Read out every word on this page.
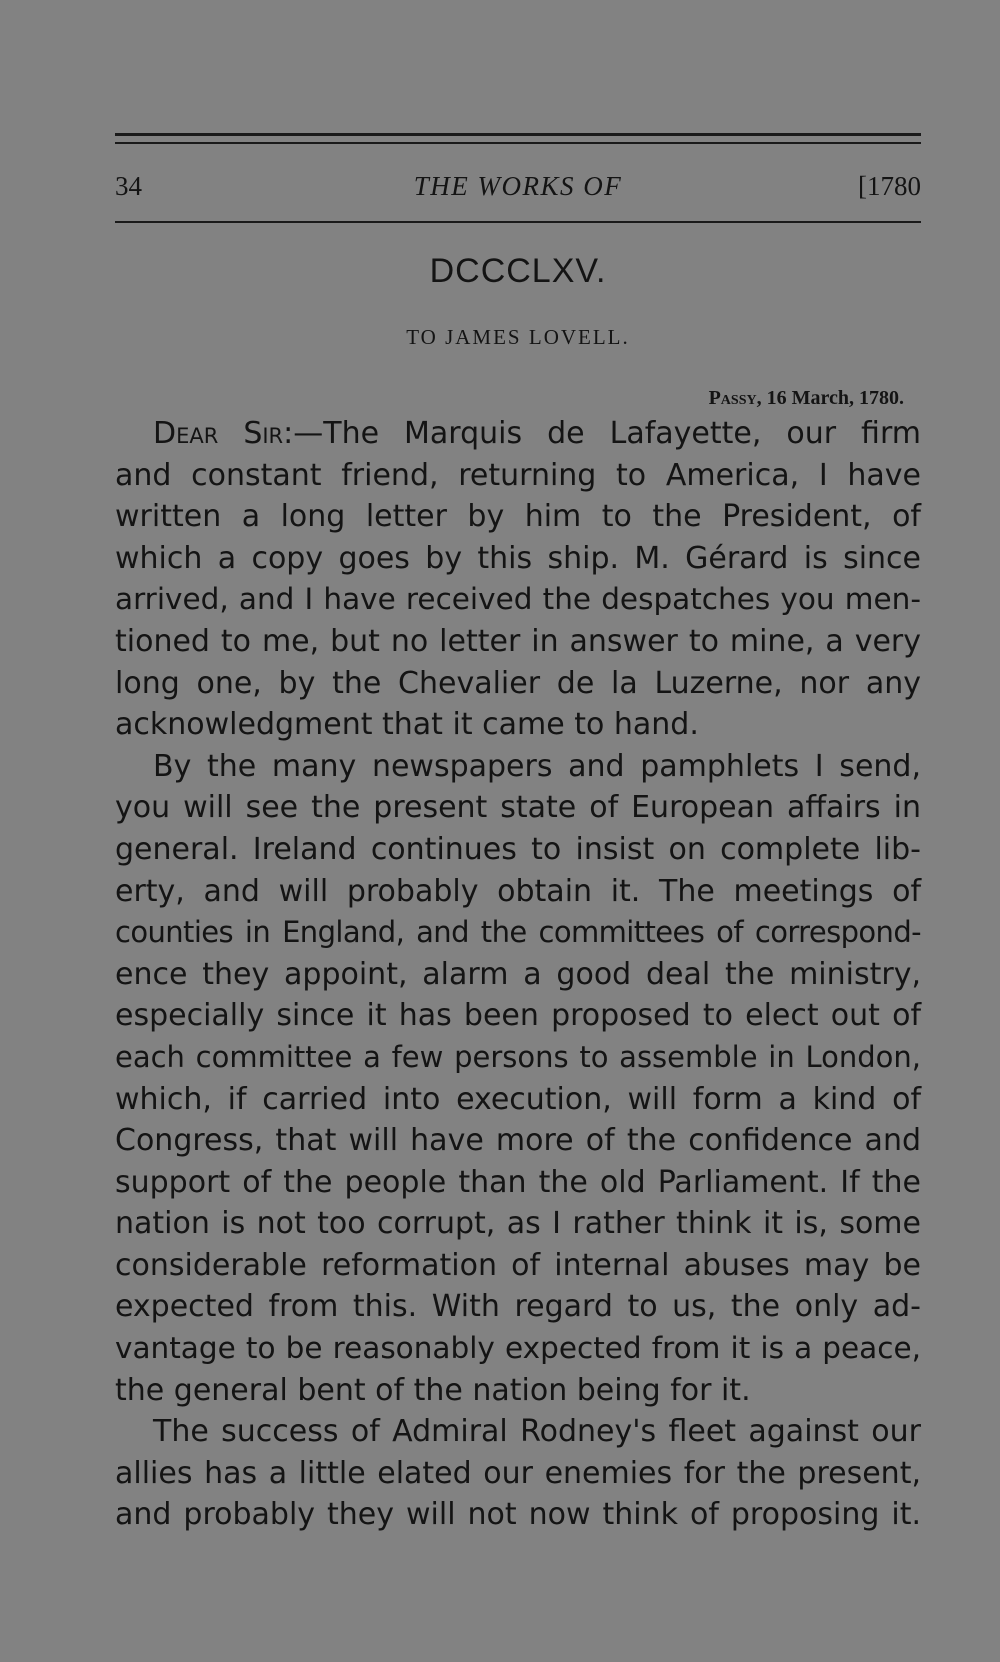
34	THE WORKS OF	[1780
DCCCLXV.
TO JAMES LOVELL.
Passy, 16 March, 1780.
Dear Sir:—The Marquis de Lafayette, our firm
and constant friend, returning to America, I have
written a long letter by him to the President, of
which a copy goes by this ship. M. Gérard is since
arrived, and I have received the despatches you men-
tioned to me, but no letter in answer to mine, a very
long one, by the Chevalier de la Luzerne, nor any
acknowledgment that it came to hand.
By the many newspapers and pamphlets I send,
you will see the present state of European affairs in
general. Ireland continues to insist on complete lib-
erty, and will probably obtain it. The meetings of
counties in England, and the committees of correspond-
ence they appoint, alarm a good deal the ministry,
especially since it has been proposed to elect out of
each committee a few persons to assemble in London,
which, if carried into execution, will form a kind of
Congress, that will have more of the confidence and
support of the people than the old Parliament. If the
nation is not too corrupt, as I rather think it is, some
considerable reformation of internal abuses may be
expected from this. With regard to us, the only ad-
vantage to be reasonably expected from it is a peace,
the general bent of the nation being for it.
The success of Admiral Rodney's fleet against our
allies has a little elated our enemies for the present,
and probably they will not now think of proposing it.
